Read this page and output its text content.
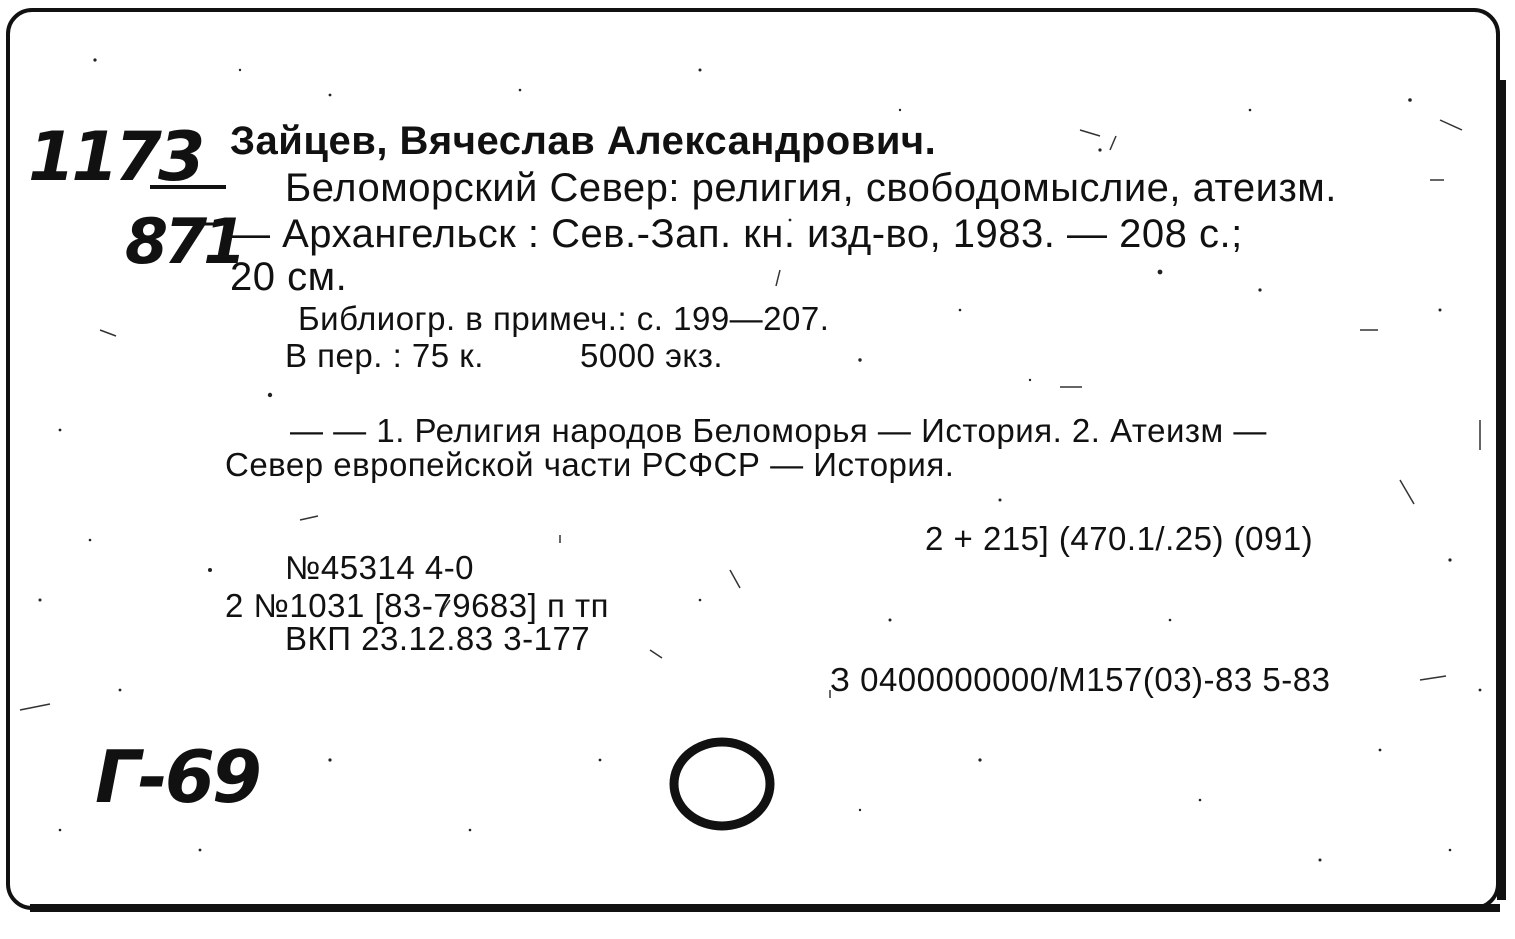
Зайцев, Вячеслав Александрович.

Беломорский Север: религия, свободомыслие, атеизм.

— Архангельск : Сев.-Зап. кн. изд-во, 1983. — 208 с.;

20 см.

Библиогр. в примеч.: с. 199—207.

В пер. : 75 к.	5000 экз.

— — 1. Религия народов Беломорья — История. 2. Атеизм —

Север европейской части РСФСР — История.

2 + 215] (470.1/.25) (091)

№45314 4-0

2 №1031 [83-79683] п тп

ВКП 23.12.83 3-177

З 0400000000/М157(03)-83 5-83

1173

871

Г-69
